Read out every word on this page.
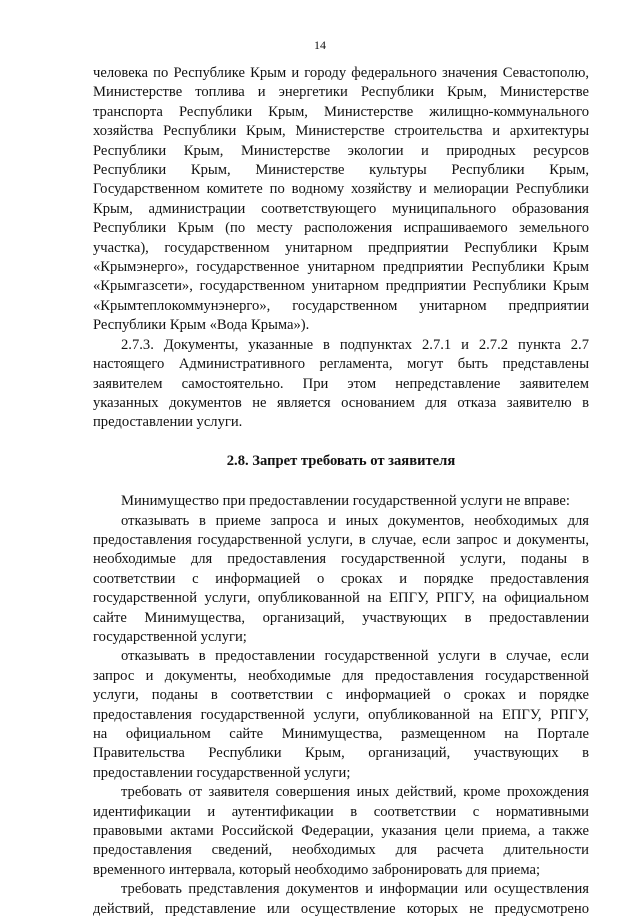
14
человека по Республике Крым и городу федерального значения Севастополю,
Министерстве топлива и энергетики Республики Крым, Министерстве
транспорта Республики Крым, Министерстве жилищно-коммунального
хозяйства Республики Крым, Министерстве строительства и архитектуры
Республики Крым, Министерстве экологии и природных ресурсов
Республики Крым, Министерстве культуры Республики Крым,
Государственном комитете по водному хозяйству и мелиорации Республики
Крым, администрации соответствующего муниципального образования
Республики Крым (по месту расположения испрашиваемого земельного
участка), государственном унитарном предприятии Республики Крым
«Крымэнерго», государственное унитарном предприятии Республики Крым
«Крымгазсети», государственном унитарном предприятии Республики Крым
«Крымтеплокоммунэнерго», государственном унитарном предприятии
Республики Крым «Вода Крыма»).
2.7.3. Документы, указанные в подпунктах 2.7.1 и 2.7.2 пункта 2.7
настоящего Административного регламента, могут быть представлены
заявителем самостоятельно. При этом непредставление заявителем
указанных документов не является основанием для отказа заявителю в
предоставлении услуги.
2.8. Запрет требовать от заявителя
Минимущество при предоставлении государственной услуги не вправе:
отказывать в приеме запроса и иных документов, необходимых для
предоставления государственной услуги, в случае, если запрос и документы,
необходимые для предоставления государственной услуги, поданы в
соответствии с информацией о сроках и порядке предоставления
государственной услуги, опубликованной на ЕПГУ, РПГУ, на официальном
сайте Минимущества, организаций, участвующих в предоставлении
государственной услуги;
отказывать в предоставлении государственной услуги в случае, если
запрос и документы, необходимые для предоставления государственной
услуги, поданы в соответствии с информацией о сроках и порядке
предоставления государственной услуги, опубликованной на ЕПГУ, РПГУ,
на официальном сайте Минимущества, размещенном на Портале
Правительства Республики Крым, организаций, участвующих в
предоставлении государственной услуги;
требовать от заявителя совершения иных действий, кроме прохождения
идентификации и аутентификации в соответствии с нормативными
правовыми актами Российской Федерации, указания цели приема, а также
предоставления сведений, необходимых для расчета длительности
временного интервала, который необходимо забронировать для приема;
требовать представления документов и информации или осуществления
действий, представление или осуществление которых не предусмотрено
